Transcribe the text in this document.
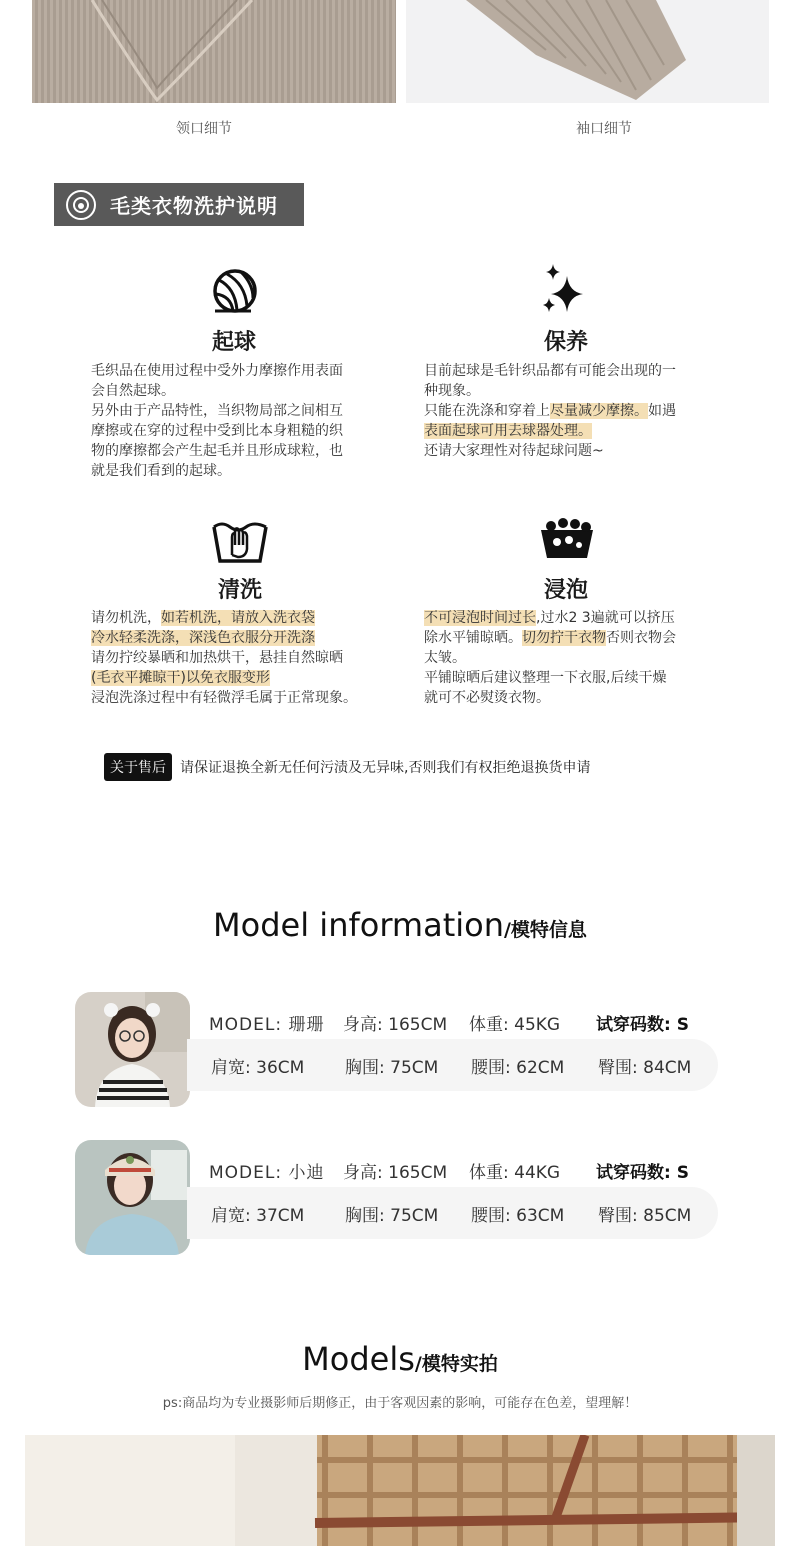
领口细节	袖口细节
毛类衣物洗护说明
起球

毛织品在使用过程中受外力摩擦作用表面

会自然起球。

另外由于产品特性，当织物局部之间相互

摩擦或在穿的过程中受到比本身粗糙的织

物的摩擦都会产生起毛并且形成球粒，也

就是我们看到的起球。

保养

目前起球是毛针织品都有可能会出现的一

种现象。

只能在洗涤和穿着上尽量减少摩擦。如遇

表面起球可用去球器处理。

还请大家理性对待起球问题~

清洗

请勿机洗，如若机洗，请放入洗衣袋

冷水轻柔洗涤，深浅色衣服分开洗涤

请勿拧绞暴晒和加热烘干，悬挂自然晾晒

(毛衣平摊晾干)以免衣服变形

浸泡洗涤过程中有轻微浮毛属于正常现象。

浸泡

不可浸泡时间过长,过水2 3遍就可以挤压

除水平铺晾晒。切勿拧干衣物否则衣物会

太皱。

平铺晾晒后建议整理一下衣服,后续干燥

就可不必熨烫衣物。

关于售后	请保证退换全新无任何污渍及无异味,否则我们有权拒绝退换货申请
Model information/模特信息
MODEL: 珊珊	身高: 165CM	体重: 45KG	试穿码数: S
肩宽: 36CM	胸围: 75CM	腰围: 62CM	臀围: 84CM
MODEL: 小迪	身高: 165CM	体重: 44KG	试穿码数: S
肩宽: 37CM	胸围: 75CM	腰围: 63CM	臀围: 85CM
Models/模特实拍
ps:商品均为专业摄影师后期修正，由于客观因素的影响，可能存在色差，望理解！
